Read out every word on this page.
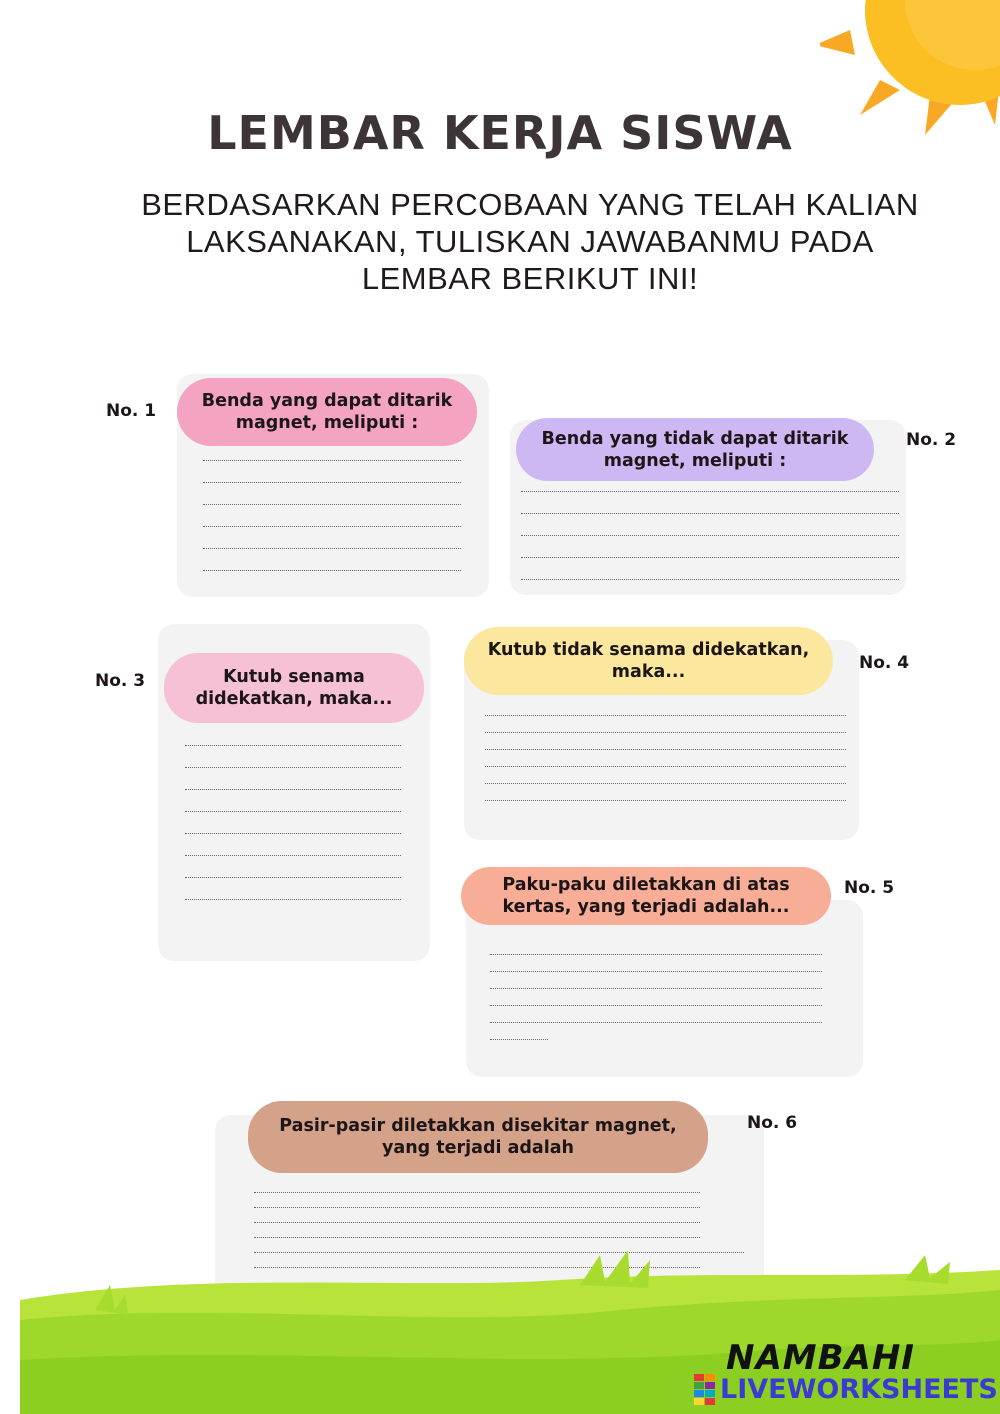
LEMBAR KERJA SISWA
BERDASARKAN PERCOBAAN YANG TELAH KALIAN
LAKSANAKAN, TULISKAN JAWABANMU PADA
LEMBAR BERIKUT INI!
Benda yang dapat ditarik
magnet, meliputi :
No. 1
Benda yang tidak dapat ditarik
magnet, meliputi :
No. 2
Kutub senama
didekatkan, maka...
No. 3
Kutub tidak senama didekatkan,
maka...	No. 4
Paku-paku diletakkan di atas
kertas, yang terjadi adalah...
No. 5
Pasir-pasir diletakkan disekitar magnet,
yang terjadi adalah
No. 6
NAMBAHI
LIVEWORKSHEETS
